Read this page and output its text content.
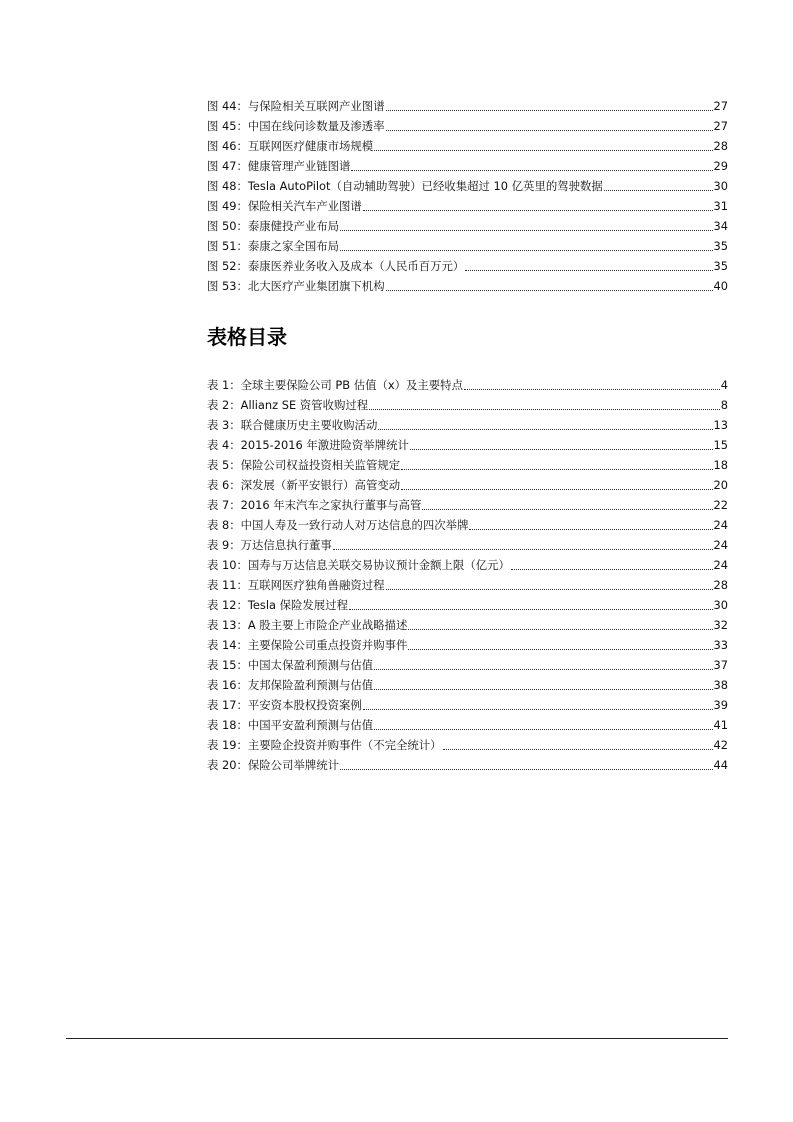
图 44：与保险相关互联网产业图谱	27
图 45：中国在线问诊数量及渗透率	27
图 46：互联网医疗健康市场规模	28
图 47：健康管理产业链图谱	29
图 48：Tesla AutoPilot（自动辅助驾驶）已经收集超过 10 亿英里的驾驶数据	30
图 49：保险相关汽车产业图谱	31
图 50：泰康健投产业布局	34
图 51：泰康之家全国布局	35
图 52：泰康医养业务收入及成本（人民币百万元）	35
图 53：北大医疗产业集团旗下机构	40
表格目录
表 1：全球主要保险公司 PB 估值（x）及主要特点	4
表 2：Allianz SE 资管收购过程	8
表 3：联合健康历史主要收购活动	13
表 4：2015-2016 年激进险资举牌统计	15
表 5：保险公司权益投资相关监管规定	18
表 6：深发展（新平安银行）高管变动	20
表 7：2016 年末汽车之家执行董事与高管	22
表 8：中国人寿及一致行动人对万达信息的四次举牌	24
表 9：万达信息执行董事	24
表 10：国寿与万达信息关联交易协议预计金额上限（亿元）	24
表 11：互联网医疗独角兽融资过程	28
表 12：Tesla 保险发展过程	30
表 13：A 股主要上市险企产业战略描述	32
表 14：主要保险公司重点投资并购事件	33
表 15：中国太保盈利预测与估值	37
表 16：友邦保险盈利预测与估值	38
表 17：平安资本股权投资案例	39
表 18：中国平安盈利预测与估值	41
表 19：主要险企投资并购事件（不完全统计）	42
表 20：保险公司举牌统计	44
